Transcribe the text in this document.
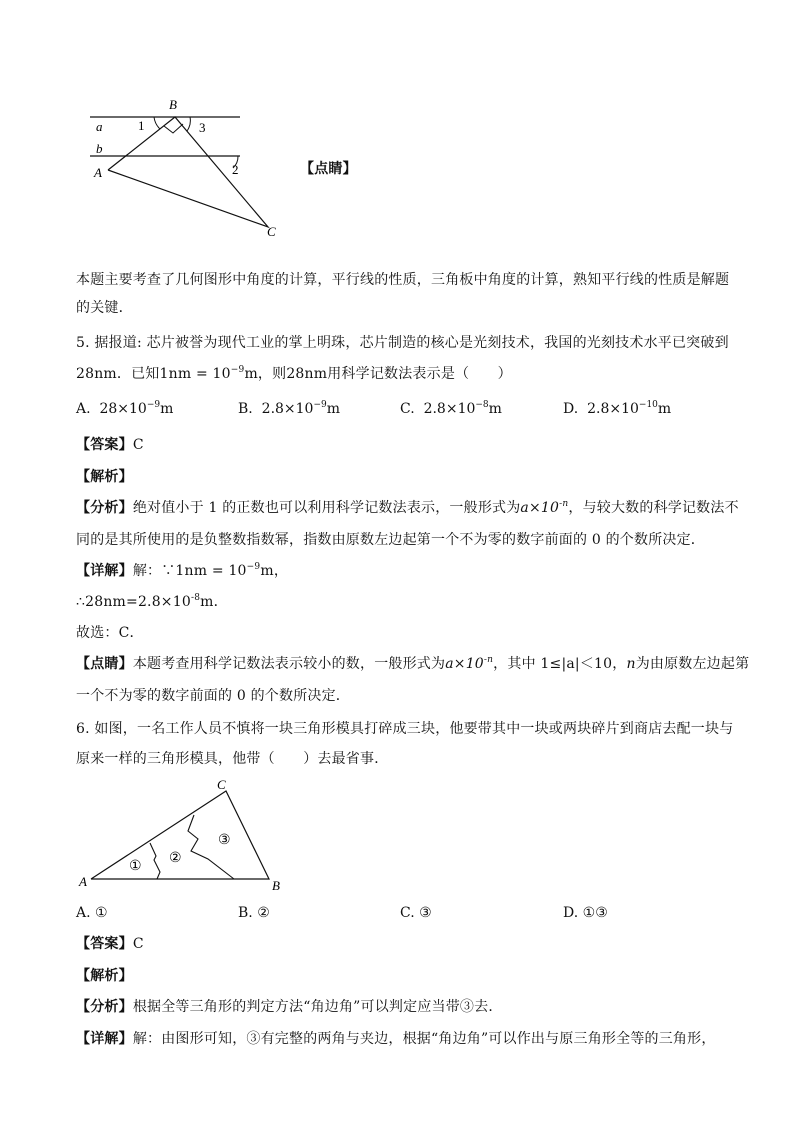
B
a	1	3
b
A	2
C
【点睛】
本题主要考查了几何图形中角度的计算，平行线的性质，三角板中角度的计算，熟知平行线的性质是解题
的关键．
5. 据报道: 芯片被誉为现代工业的掌上明珠，芯片制造的核心是光刻技术，我国的光刻技术水平已突破到
28nm．已知$1nm = 10^{-9}m$，则28nm用科学记数法表示是（　　）
A. $28\times 10^{-9}m$	B. $2.8\times 10^{-9}m$	C. $2.8\times 10^{-8}m$	D. $2.8\times 10^{-10}m$
【答案】C
【解析】
【分析】绝对值小于 1 的正数也可以利用科学记数法表示，一般形式为$a\times 10^{-n}$，与较大数的科学记数法不
同的是其所使用的是负整数指数幂，指数由原数左边起第一个不为零的数字前面的 0 的个数所决定．
【详解】解：∵1nm = $10^{-9}m$，
$\therefore 28nm=2.8\times 10^{-8}m$．
故选：C．
【点睛】本题考查用科学记数法表示较小的数，一般形式为$a\times 10^{-n}$，其中 1≤|a|＜10，n为由原数左边起第
一个不为零的数字前面的 0 的个数所决定．
6. 如图，一名工作人员不慎将一块三角形模具打碎成三块，他要带其中一块或两块碎片到商店去配一块与
原来一样的三角形模具，他带（　　）去最省事．
A	B
C
①
②
③
A. ①	B. ②	C. ③	D. ①③
【答案】C
【解析】
【分析】根据全等三角形的判定方法“角边角”可以判定应当带③去．
【详解】解：由图形可知，③有完整的两角与夹边，根据“角边角”可以作出与原三角形全等的三角形，
